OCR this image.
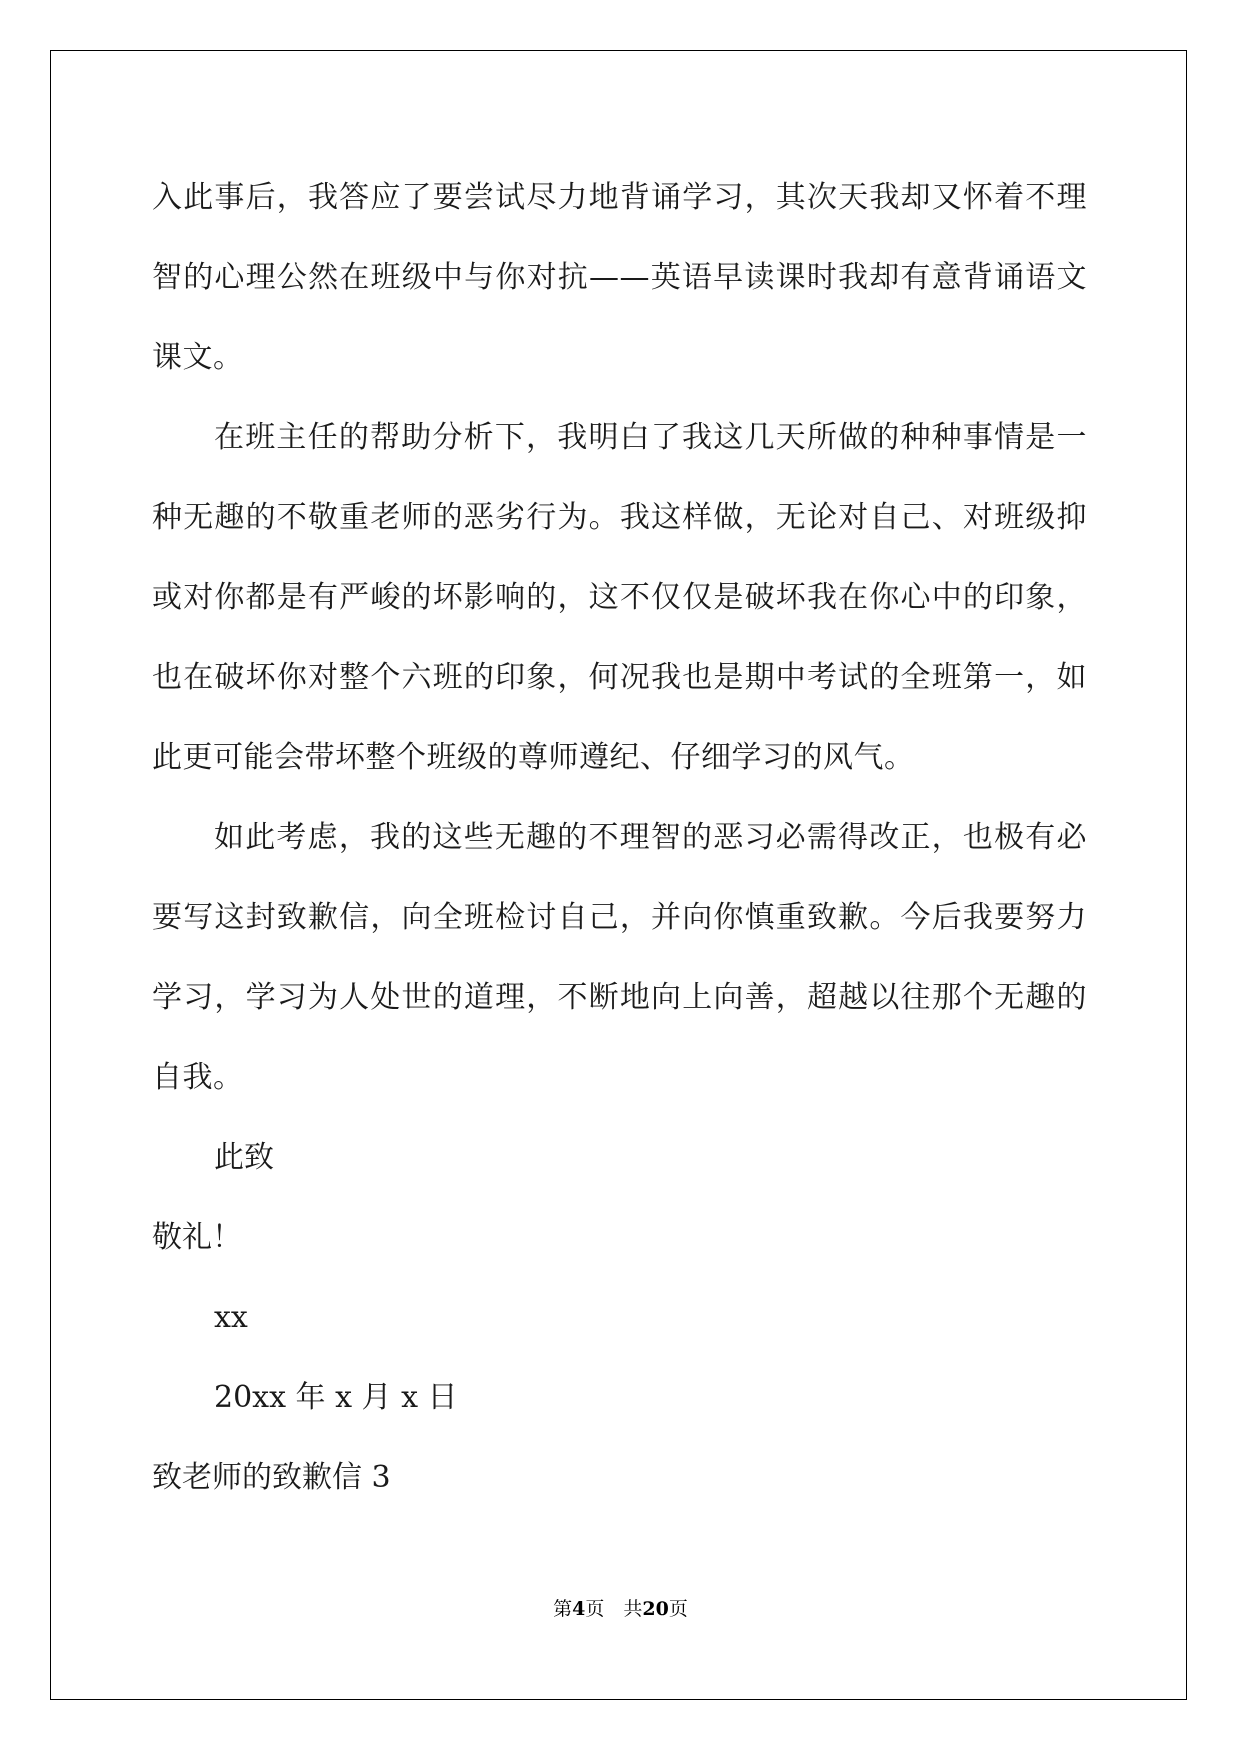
入此事后，我答应了要尝试尽力地背诵学习，其次天我却又怀着不理智的心理公然在班级中与你对抗——英语早读课时我却有意背诵语文课文。

在班主任的帮助分析下，我明白了我这几天所做的种种事情是一种无趣的不敬重老师的恶劣行为。我这样做，无论对自己、对班级抑或对你都是有严峻的坏影响的，这不仅仅是破坏我在你心中的印象，也在破坏你对整个六班的印象，何况我也是期中考试的全班第一，如此更可能会带坏整个班级的尊师遵纪、仔细学习的风气。

如此考虑，我的这些无趣的不理智的恶习必需得改正，也极有必要写这封致歉信，向全班检讨自己，并向你慎重致歉。今后我要努力学习，学习为人处世的道理，不断地向上向善，超越以往那个无趣的自我。

此致
敬礼！
xx
20xx 年 x 月 x 日
致老师的致歉信 3
第4页　共20页
